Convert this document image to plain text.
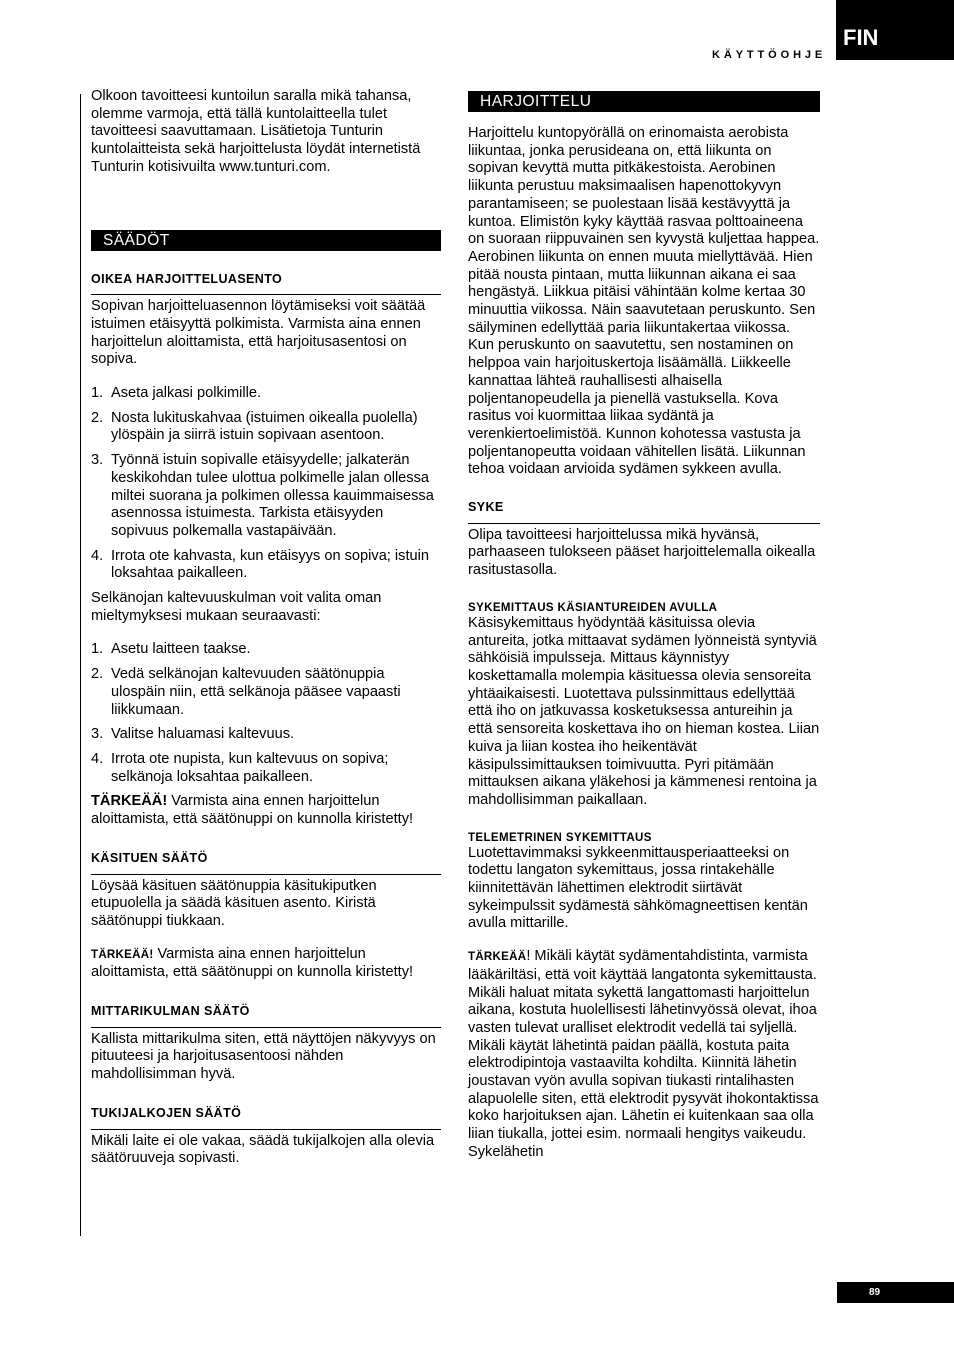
FIN
KÄYTTÖOHJE

Olkoon tavoitteesi kuntoilun saralla mikä tahansa, olemme varmoja, että tällä kuntolaitteella tulet tavoitteesi saavuttamaan. Lisätietoja Tunturin kuntolaitteista sekä harjoittelusta löydät internetistä Tunturin kotisivuilta www.tunturi.com.

SÄÄDÖT
OIKEA HARJOITTELUASENTO

Sopivan harjoitteluasennon löytämiseksi voit säätää istuimen etäisyyttä polkimista. Varmista aina ennen harjoittelun aloittamista, että harjoitusasentosi on sopiva.

1. Aseta jalkasi polkimille.
2. Nosta lukituskahvaa (istuimen oikealla puolella) ylöspäin ja siirrä istuin sopivaan asentoon.
3. Työnnä istuin sopivalle etäisyydelle; jalkaterän keskikohdan tulee ulottua polkimelle jalan ollessa miltei suorana ja polkimen ollessa kauimmaisessa asennossa istuimesta. Tarkista etäisyyden sopivuus polkemalla vastapäivään.
4. Irrota ote kahvasta, kun etäisyys on sopiva; istuin loksahtaa paikalleen.

Selkänojan kaltevuuskulman voit valita oman mieltymyksesi mukaan seuraavasti:

1. Asetu laitteen taakse.
2. Vedä selkänojan kaltevuuden säätönuppia ulospäin niin, että selkänoja pääsee vapaasti liikkumaan.
3. Valitse haluamasi kaltevuus.
4. Irrota ote nupista, kun kaltevuus on sopiva; selkänoja loksahtaa paikalleen.

TÄRKEÄÄ! Varmista aina ennen harjoittelun aloittamista, että säätönuppi on kunnolla kiristetty!

KÄSITUEN SÄÄTÖ

Löysää käsituen säätönuppia käsitukiputken etupuolella ja säädä käsituen asento. Kiristä säätönuppi tiukkaan.

TÄRKEÄÄ! Varmista aina ennen harjoittelun aloittamista, että säätönuppi on kunnolla kiristetty!

MITTARIKULMAN SÄÄTÖ

Kallista mittarikulma siten, että näyttöjen näkyvyys on pituuteesi ja harjoitusasentoosi nähden mahdollisimman hyvä.

TUKIJALKOJEN SÄÄTÖ

Mikäli laite ei ole vakaa, säädä tukijalkojen alla olevia säätöruuveja sopivasti.

HARJOITTELU

Harjoittelu kuntopyörällä on erinomaista aerobista liikuntaa, jonka perusideana on, että liikunta on sopivan kevyttä mutta pitkäkestoista. Aerobinen liikunta perustuu maksimaalisen hapenottokyvyn parantamiseen; se puolestaan lisää kestävyyttä ja kuntoa. Elimistön kyky käyttää rasvaa polttoaineena on suoraan riippuvainen sen kyvystä kuljettaa happea. Aerobinen liikunta on ennen muuta miellyttävää. Hien pitää nousta pintaan, mutta liikunnan aikana ei saa hengästyä. Liikkua pitäisi vähintään kolme kertaa 30 minuuttia viikossa. Näin saavutetaan peruskunto. Sen säilyminen edellyttää paria liikuntakertaa viikossa. Kun peruskunto on saavutettu, sen nostaminen on helppoa vain harjoituskertoja lisäämällä. Liikkeelle kannattaa lähteä rauhallisesti alhaisella poljentanopeudella ja pienellä vastuksella. Kova rasitus voi kuormittaa liikaa sydäntä ja verenkiertoelimistöä. Kunnon kohotessa vastusta ja poljentanopeutta voidaan vähitellen lisätä. Liikunnan tehoa voidaan arvioida sydämen sykkeen avulla.

SYKE

Olipa tavoitteesi harjoittelussa mikä hyvänsä, parhaaseen tulokseen pääset harjoittelemalla oikealla rasitustasolla.

SYKEMITTAUS KÄSIANTUREIDEN AVULLA

Käsisykemittaus hyödyntää käsituissa olevia antureita, jotka mittaavat sydämen lyönneistä syntyviä sähköisiä impulsseja. Mittaus käynnistyy koskettamalla molempia käsituessa olevia sensoreita yhtäaikaisesti. Luotettava pulssinmittaus edellyttää että iho on jatkuvassa kosketuksessa antureihin ja että sensoreita koskettava iho on hieman kostea. Liian kuiva ja liian kostea iho heikentävät käsipulssimittauksen toimivuutta. Pyri pitämään mittauksen aikana yläkehosi ja kämmenesi rentoina ja mahdollisimman paikallaan.

TELEMETRINEN SYKEMITTAUS

Luotettavimmaksi sykkeenmittausperiaatteeksi on todettu langaton sykemittaus, jossa rintakehälle kiinnitettävän lähettimen elektrodit siirtävät sykeimpulssit sydämestä sähkömagneettisen kentän avulla mittarille.

TÄRKEÄÄ! Mikäli käytät sydämentahdistinta, varmista lääkäriltäsi, että voit käyttää langatonta sykemittausta. Mikäli haluat mitata sykettä langattomasti harjoittelun aikana, kostuta huolellisesti lähetinvyössä olevat, ihoa vasten tulevat uralliset elektrodit vedellä tai syljellä. Mikäli käytät lähetintä paidan päällä, kostuta paita elektrodipintoja vastaavilta kohdilta. Kiinnitä lähetin joustavan vyön avulla sopivan tiukasti rintalihasten alapuolelle siten, että elektrodit pysyvät ihokontaktissa koko harjoituksen ajan. Lähetin ei kuitenkaan saa olla liian tiukalla, jottei esim. normaali hengitys vaikeudu. Sykelähetin

89
